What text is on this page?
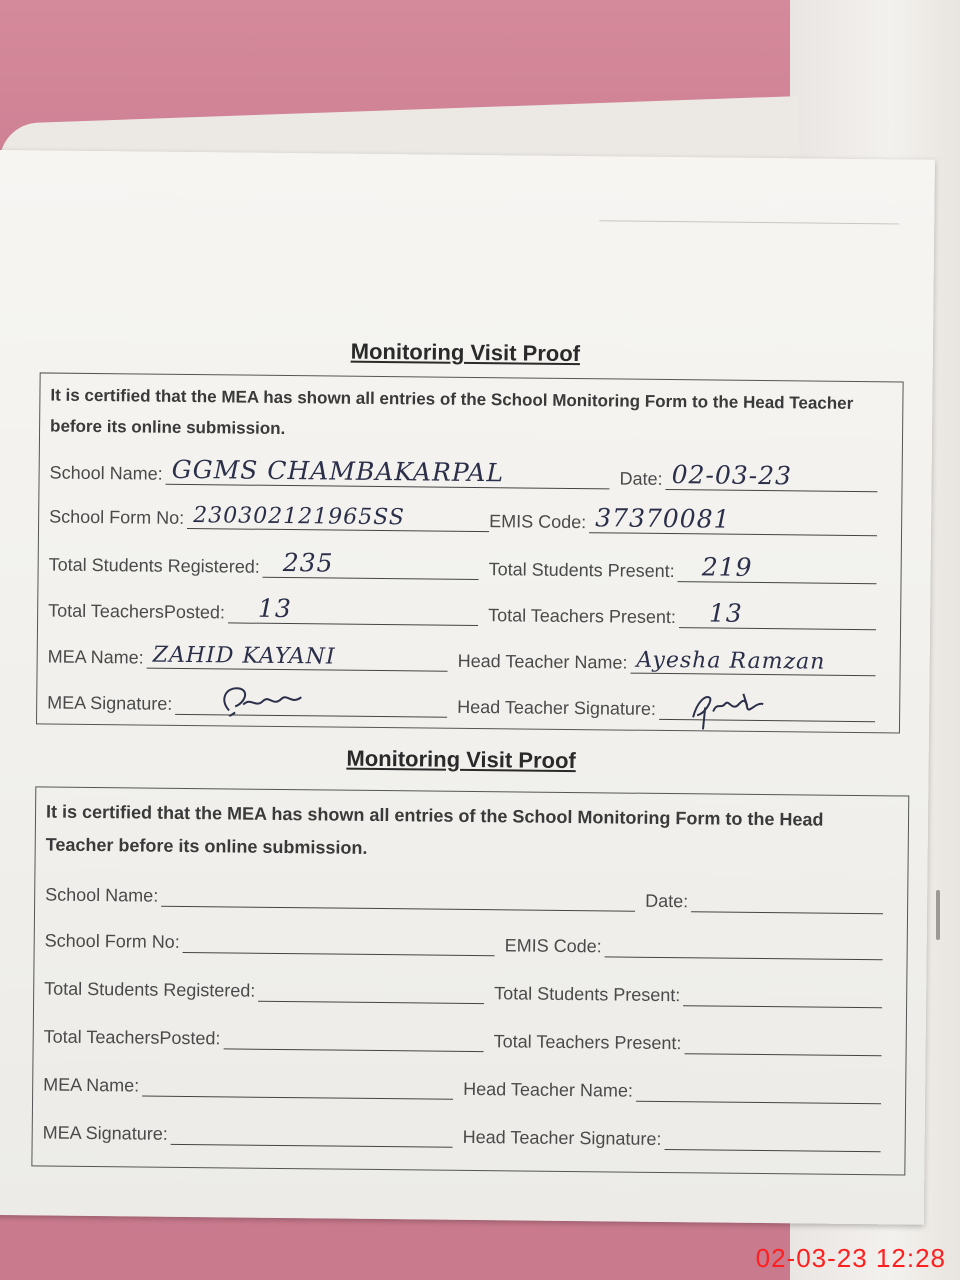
Monitoring Visit Proof
It is certified that the MEA has shown all entries of the School Monitoring Form to the Head Teacher before its online submission.
School Name: GGMS CHAMBAKARPAL	Date: 02-03-23
School Form No: 230302121965SS	EMIS Code: 37370081
Total Students Registered: 235	Total Students Present: 219
Total TeachersPosted: 13	Total Teachers Present: 13
MEA Name: ZAHID KAYANI	Head Teacher Name: Ayesha Ramzan
MEA Signature:	Head Teacher Signature:
Monitoring Visit Proof
It is certified that the MEA has shown all entries of the School Monitoring Form to the Head Teacher before its online submission.
School Name:	Date:
School Form No:	EMIS Code:
Total Students Registered:	Total Students Present:
Total TeachersPosted:	Total Teachers Present:
MEA Name:	Head Teacher Name:
MEA Signature:	Head Teacher Signature:
02-03-23 12:28
